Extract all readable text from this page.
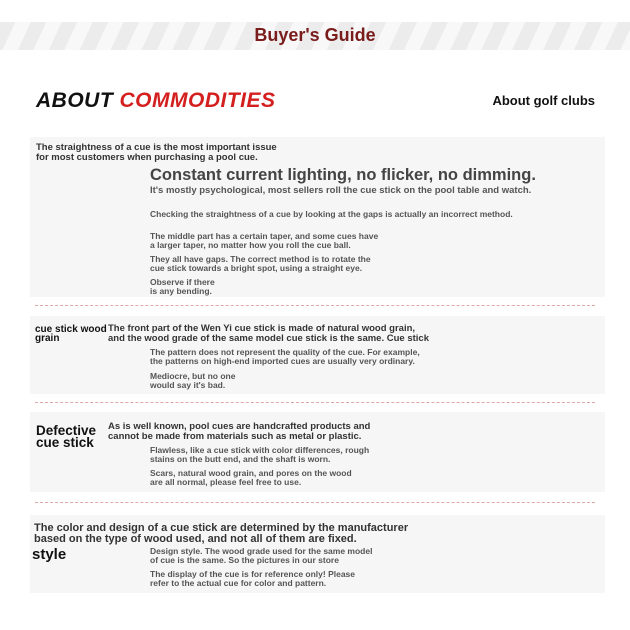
Buyer's Guide
ABOUT COMMODITIES	About golf clubs
The straightness of a cue is the most important issue
for most customers when purchasing a pool cue.
Constant current lighting, no flicker, no dimming.
It's mostly psychological, most sellers roll the cue stick on the pool table and watch.
Checking the straightness of a cue by looking at the gaps is actually an incorrect method.
The middle part has a certain taper, and some cues have
a larger taper, no matter how you roll the cue ball.
They all have gaps. The correct method is to rotate the
cue stick towards a bright spot, using a straight eye.
Observe if there
is any bending.
cue stick wood
grain
The front part of the Wen Yi cue stick is made of natural wood grain,
and the wood grade of the same model cue stick is the same. Cue stick
The pattern does not represent the quality of the cue. For example,
the patterns on high-end imported cues are usually very ordinary.
Mediocre, but no one
would say it's bad.
Defective
cue stick
As is well known, pool cues are handcrafted products and
cannot be made from materials such as metal or plastic.
Flawless, like a cue stick with color differences, rough
stains on the butt end, and the shaft is worn.
Scars, natural wood grain, and pores on the wood
are all normal, please feel free to use.
The color and design of a cue stick are determined by the manufacturer
based on the type of wood used, and not all of them are fixed.
style	Design style. The wood grade used for the same model
of cue is the same. So the pictures in our store
The display of the cue is for reference only! Please
refer to the actual cue for color and pattern.
